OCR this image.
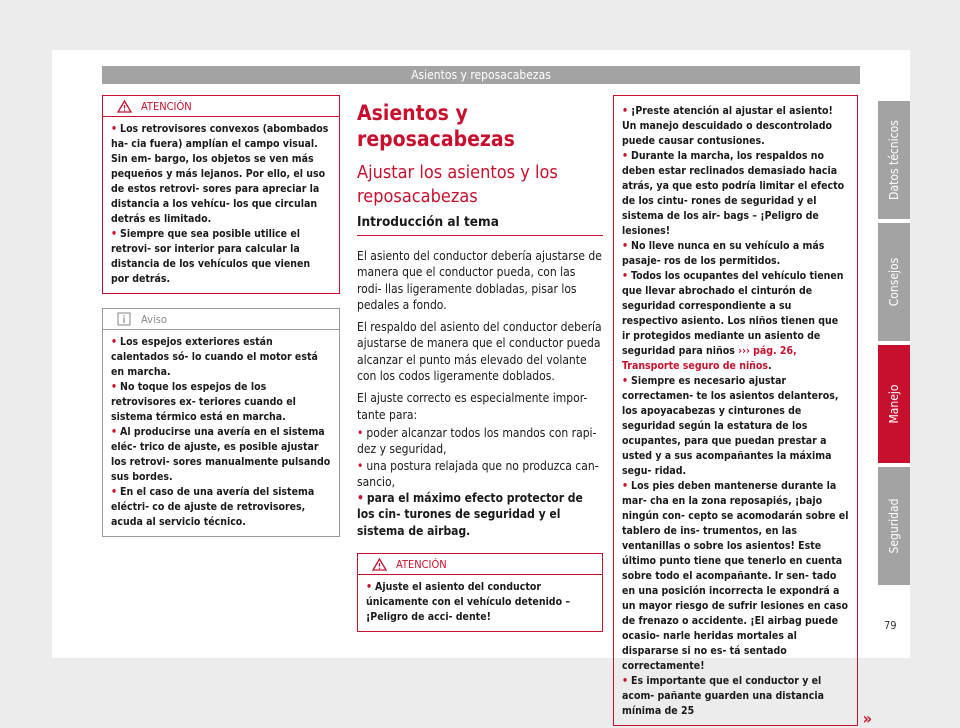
Asientos y reposacabezas
ATENCIÓN
• Los retrovisores convexos (abombados ha- cia fuera) amplían el campo visual. Sin em- bargo, los objetos se ven más pequeños y más lejanos. Por ello, el uso de estos retrovi- sores para apreciar la distancia a los vehícu- los que circulan detrás es limitado.
• Siempre que sea posible utilice el retrovi- sor interior para calcular la distancia de los vehículos que vienen por detrás.
Aviso
• Los espejos exteriores están calentados só- lo cuando el motor está en marcha.
• No toque los espejos de los retrovisores ex- teriores cuando el sistema térmico está en marcha.
• Al producirse una avería en el sistema eléc- trico de ajuste, es posible ajustar los retrovi- sores manualmente pulsando sus bordes.
• En el caso de una avería del sistema eléctri- co de ajuste de retrovisores, acuda al servicio técnico.
Asientos y reposacabezas
Ajustar los asientos y los reposacabezas
Introducción al tema
El asiento del conductor debería ajustarse de manera que el conductor pueda, con las rodi- llas ligeramente dobladas, pisar los pedales a fondo.
El respaldo del asiento del conductor debería ajustarse de manera que el conductor pueda alcanzar el punto más elevado del volante con los codos ligeramente doblados.
El ajuste correcto es especialmente impor- tante para:
• poder alcanzar todos los mandos con rapi- dez y seguridad,
• una postura relajada que no produzca can- sancio,
• para el máximo efecto protector de los cin- turones de seguridad y el sistema de airbag.
ATENCIÓN
• Ajuste el asiento del conductor únicamente con el vehículo detenido – ¡Peligro de acci- dente!
• ¡Preste atención al ajustar el asiento! Un manejo descuidado o descontrolado puede causar contusiones.
• Durante la marcha, los respaldos no deben estar reclinados demasiado hacia atrás, ya que esto podría limitar el efecto de los cintu- rones de seguridad y el sistema de los air- bags – ¡Peligro de lesiones!
• No lleve nunca en su vehículo a más pasaje- ros de los permitidos.
• Todos los ocupantes del vehículo tienen que llevar abrochado el cinturón de seguridad correspondiente a su respectivo asiento. Los niños tienen que ir protegidos mediante un asiento de seguridad para niños ››› pág. 26, Transporte seguro de niños.
• Siempre es necesario ajustar correctamen- te los asientos delanteros, los apoyacabezas y cinturones de seguridad según la estatura de los ocupantes, para que puedan prestar a usted y a sus acompañantes la máxima segu- ridad.
• Los pies deben mantenerse durante la mar- cha en la zona reposapiés, ¡bajo ningún con- cepto se acomodarán sobre el tablero de ins- trumentos, en las ventanillas o sobre los asientos! Este último punto tiene que tenerlo en cuenta sobre todo el acompañante. Ir sen- tado en una posición incorrecta le expondrá a un mayor riesgo de sufrir lesiones en caso de frenazo o accidente. ¡El airbag puede ocasio- narle heridas mortales al dispararse si no es- tá sentado correctamente!
• Es importante que el conductor y el acom- pañante guarden una distancia mínima de 25	»
Datos técnicos
Consejos
Manejo
Seguridad
79
